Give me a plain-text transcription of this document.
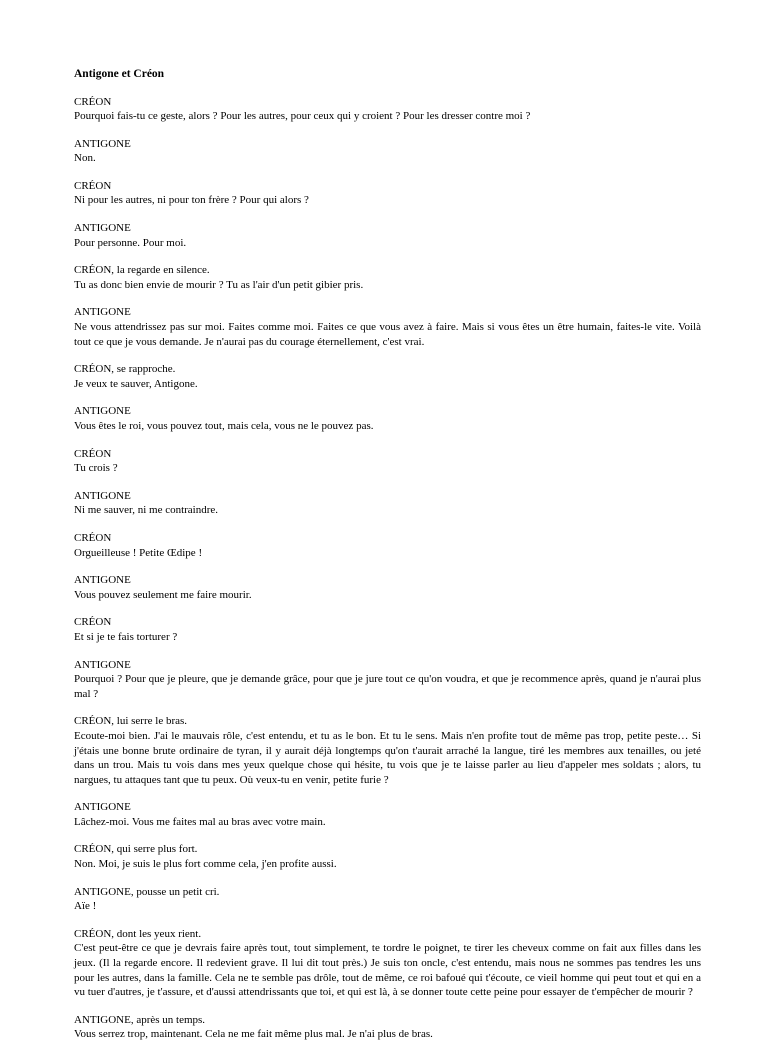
Antigone et Créon
CRÉON
Pourquoi fais-tu ce geste, alors ? Pour les autres, pour ceux qui y croient ? Pour les dresser contre moi ?
ANTIGONE
Non.
CRÉON
Ni pour les autres, ni pour ton frère ? Pour qui alors ?
ANTIGONE
Pour personne. Pour moi.
CRÉON, la regarde en silence.
Tu as donc bien envie de mourir ? Tu as l'air d'un petit gibier pris.
ANTIGONE
Ne vous attendrissez pas sur moi. Faites comme moi. Faites ce que vous avez à faire. Mais si vous êtes un être humain, faites-le vite. Voilà tout ce que je vous demande. Je n'aurai pas du courage éternellement, c'est vrai.
CRÉON, se rapproche.
Je veux te sauver, Antigone.
ANTIGONE
Vous êtes le roi, vous pouvez tout, mais cela, vous ne le pouvez pas.
CRÉON
Tu crois ?
ANTIGONE
Ni me sauver, ni me contraindre.
CRÉON
Orgueilleuse ! Petite Œdipe !
ANTIGONE
Vous pouvez seulement me faire mourir.
CRÉON
Et si je te fais torturer ?
ANTIGONE
Pourquoi ? Pour que je pleure, que je demande grâce, pour que je jure tout ce qu'on voudra, et que je recommence après, quand je n'aurai plus mal ?
CRÉON, lui serre le bras.
Ecoute-moi bien. J'ai le mauvais rôle, c'est entendu, et tu as le bon. Et tu le sens. Mais n'en profite tout de même pas trop, petite peste… Si j'étais une bonne brute ordinaire de tyran, il y aurait déjà longtemps qu'on t'aurait arraché la langue, tiré les membres aux tenailles, ou jeté dans un trou. Mais tu vois dans mes yeux quelque chose qui hésite, tu vois que je te laisse parler au lieu d'appeler mes soldats ; alors, tu nargues, tu attaques tant que tu peux. Où veux-tu en venir, petite furie ?
ANTIGONE
Lâchez-moi. Vous me faites mal au bras avec votre main.
CRÉON, qui serre plus fort.
Non. Moi, je suis le plus fort comme cela, j'en profite aussi.
ANTIGONE, pousse un petit cri.
Aïe !
CRÉON, dont les yeux rient.
C'est peut-être ce que je devrais faire après tout, tout simplement, te tordre le poignet, te tirer les cheveux comme on fait aux filles dans les jeux. (Il la regarde encore. Il redevient grave. Il lui dit tout près.) Je suis ton oncle, c'est entendu, mais nous ne sommes pas tendres les uns pour les autres, dans la famille. Cela ne te semble pas drôle, tout de même, ce roi bafoué qui t'écoute, ce vieil homme qui peut tout et qui en a vu tuer d'autres, je t'assure, et d'aussi attendrissants que toi, et qui est là, à se donner toute cette peine pour essayer de t'empêcher de mourir ?
ANTIGONE, après un temps.
Vous serrez trop, maintenant. Cela ne me fait même plus mal. Je n'ai plus de bras.
